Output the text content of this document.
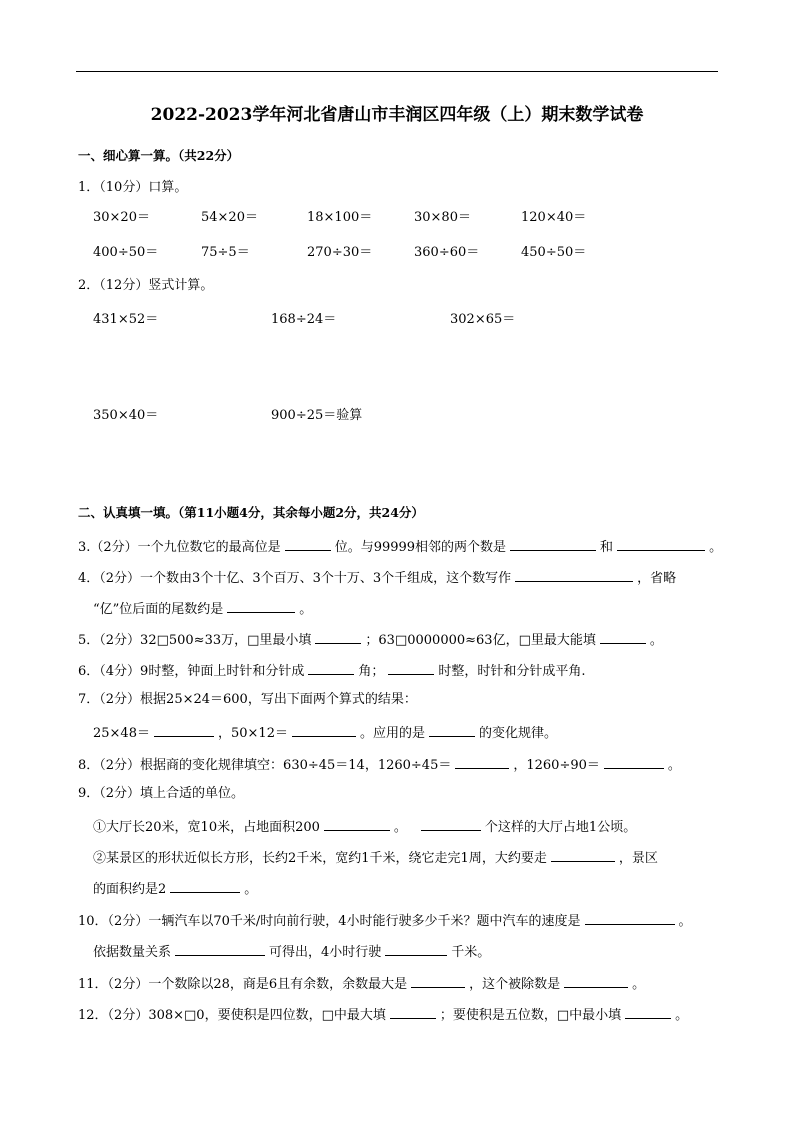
2022-2023学年河北省唐山市丰润区四年级（上）期末数学试卷
一、细心算一算。（共22分）
1．（10分）口算。
30×20＝	54×20＝	18×100＝	30×80＝	120×40＝
400÷50＝	75÷5＝	270÷30＝	360÷60＝	450÷50＝
2．（12分）竖式计算。
431×52＝	168÷24＝	302×65＝
350×40＝	900÷25＝验算
二、认真填一填。（第11小题4分，其余每小题2分，共24分）
3.（2分）一个九位数它的最高位是	位。与99999相邻的两个数是	和	。
4．（2分）一个数由3个十亿、3个百万、3个十万、3个千组成，这个数写作	，省略
“亿”位后面的尾数约是	。
5．（2分）32□500≈33万，□里最小填	；63□0000000≈63亿，□里最大能填	。
6．（4分）9时整，钟面上时针和分针成	角；	时整，时针和分针成平角.
7．（2分）根据25×24＝600，写出下面两个算式的结果：
25×48＝	，50×12＝	。应用的是	的变化规律。
8．（2分）根据商的变化规律填空：630÷45＝14，1260÷45＝	，1260÷90＝	。
9．（2分）填上合适的单位。
①大厅长20米，宽10米，占地面积200	。	个这样的大厅占地1公顷。
②某景区的形状近似长方形，长约2千米，宽约1千米，绕它走完1周，大约要走	，景区
的面积约是2	。
10．（2分）一辆汽车以70千米/时向前行驶，4小时能行驶多少千米？题中汽车的速度是	。
依据数量关系	可得出，4小时行驶	千米。
11．（2分）一个数除以28，商是6且有余数，余数最大是	，这个被除数是	。
12．（2分）308×□0，要使积是四位数，□中最大填	；要使积是五位数，□中最小填	。
